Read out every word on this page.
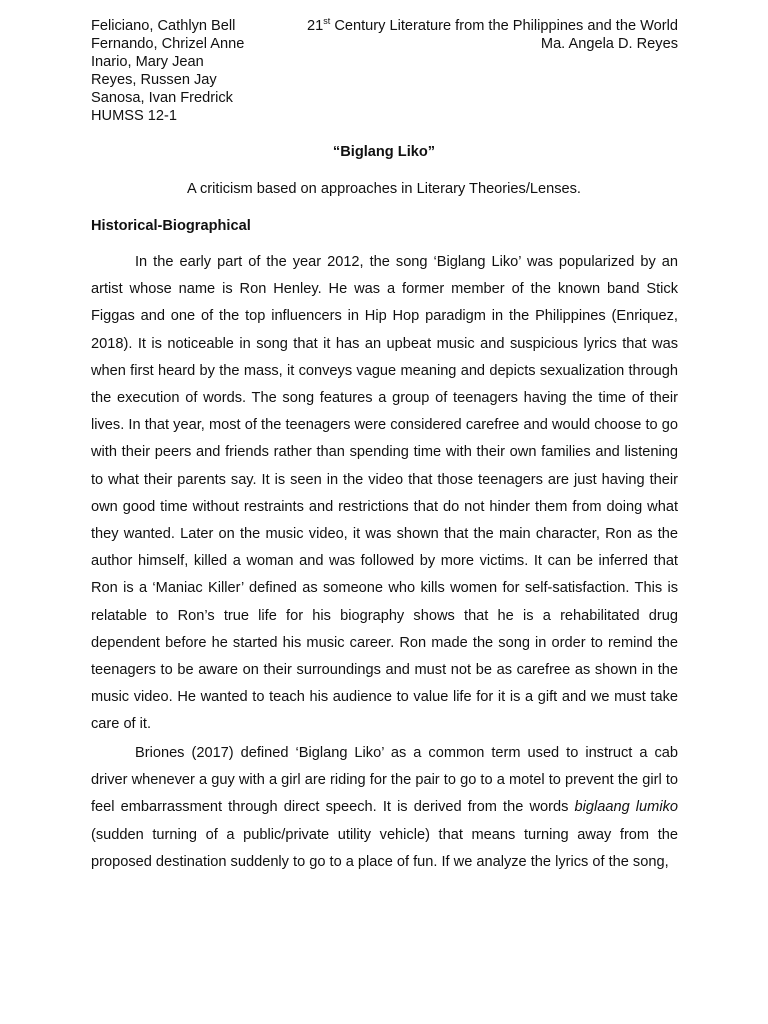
Feliciano, Cathlyn Bell
Fernando, Chrizel Anne
Inario, Mary Jean
Reyes, Russen Jay
Sanosa, Ivan Fredrick
HUMSS 12-1
21st Century Literature from the Philippines and the World
Ma. Angela D. Reyes
“Biglang Liko”
A criticism based on approaches in Literary Theories/Lenses.
Historical-Biographical

In the early part of the year 2012, the song ‘Biglang Liko’ was popularized by an artist whose name is Ron Henley. He was a former member of the known band Stick Figgas and one of the top influencers in Hip Hop paradigm in the Philippines (Enriquez, 2018). It is noticeable in song that it has an upbeat music and suspicious lyrics that was when first heard by the mass, it conveys vague meaning and depicts sexualization through the execution of words. The song features a group of teenagers having the time of their lives. In that year, most of the teenagers were considered carefree and would choose to go with their peers and friends rather than spending time with their own families and listening to what their parents say. It is seen in the video that those teenagers are just having their own good time without restraints and restrictions that do not hinder them from doing what they wanted. Later on the music video, it was shown that the main character, Ron as the author himself, killed a woman and was followed by more victims. It can be inferred that Ron is a ‘Maniac Killer’ defined as someone who kills women for self-satisfaction. This is relatable to Ron’s true life for his biography shows that he is a rehabilitated drug dependent before he started his music career. Ron made the song in order to remind the teenagers to be aware on their surroundings and must not be as carefree as shown in the music video. He wanted to teach his audience to value life for it is a gift and we must take care of it.

Briones (2017) defined ‘Biglang Liko’ as a common term used to instruct a cab driver whenever a guy with a girl are riding for the pair to go to a motel to prevent the girl to feel embarrassment through direct speech. It is derived from the words biglaang lumiko (sudden turning of a public/private utility vehicle) that means turning away from the proposed destination suddenly to go to a place of fun. If we analyze the lyrics of the song,
